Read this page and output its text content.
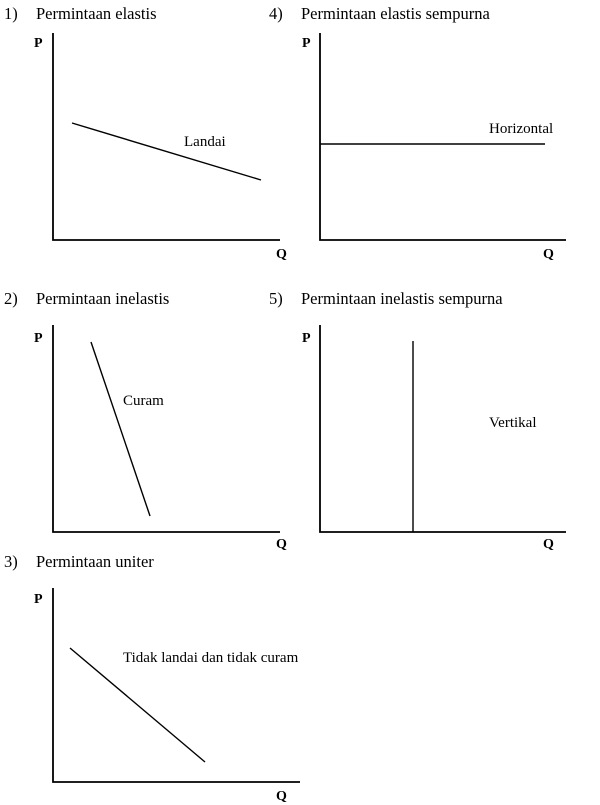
1) Permintaan elastis
P
Q
Landai
4) Permintaan elastis sempurna
P
Q
Horizontal
2) Permintaan inelastis
P
Q
Curam
5) Permintaan inelastis sempurna
P
Q
Vertikal
3) Permintaan uniter
P
Q
Tidak landai dan tidak curam
